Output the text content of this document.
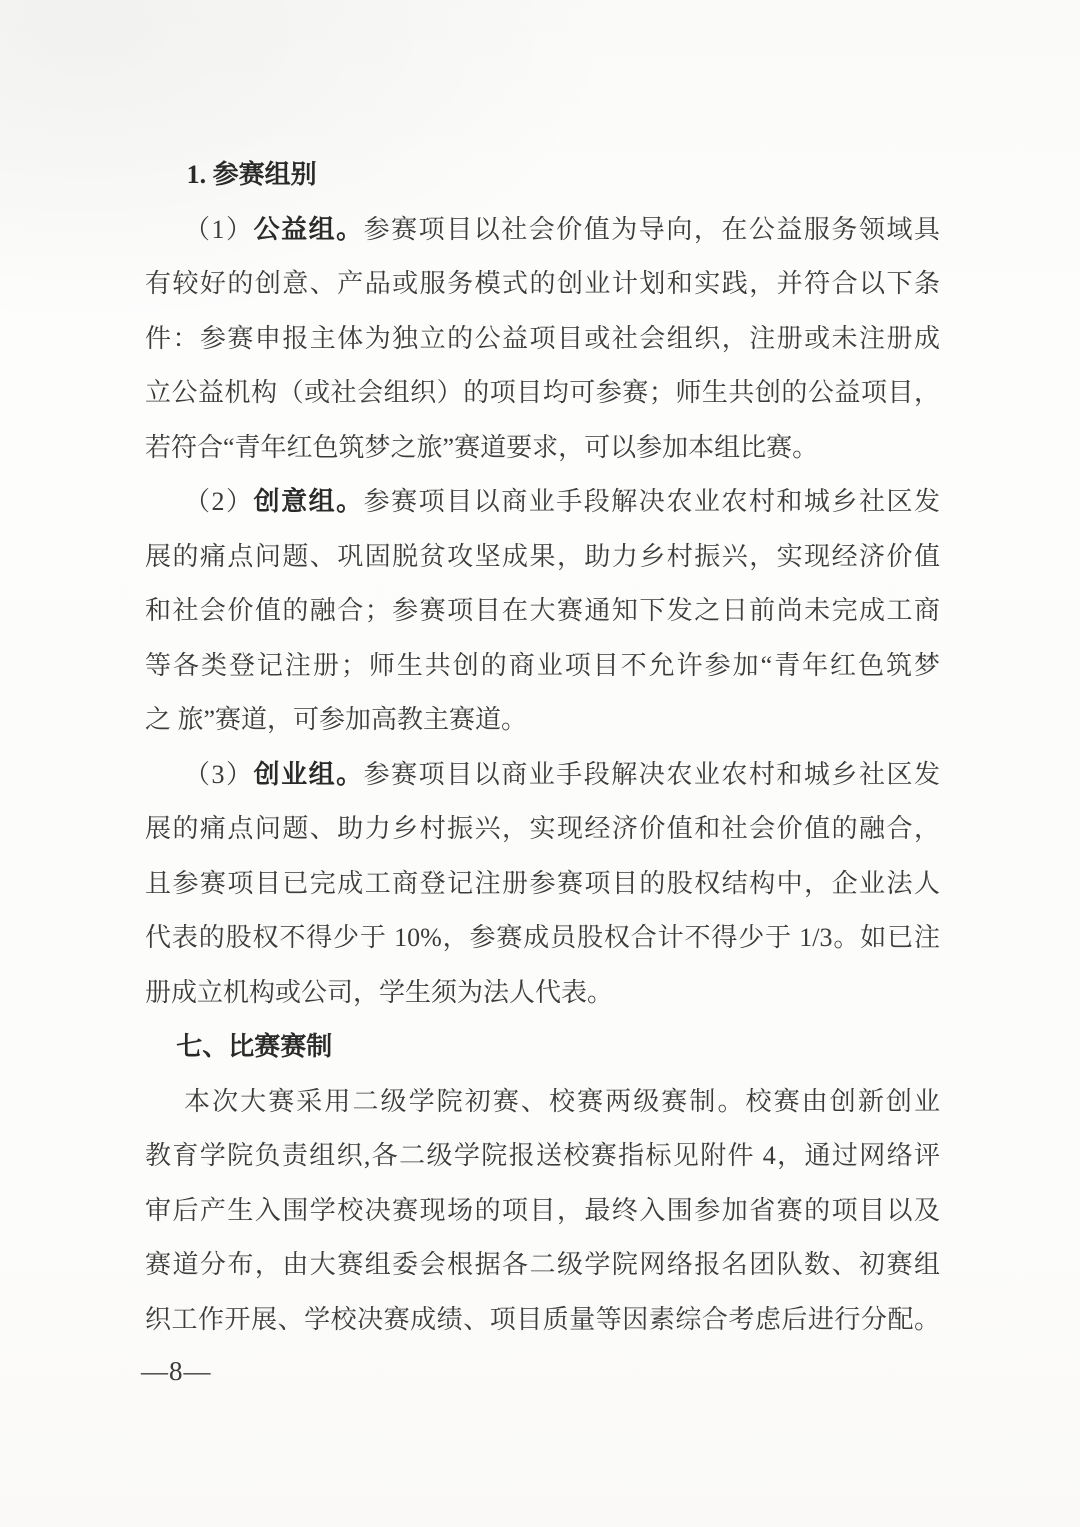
1. 参赛组别
（1）公益组。参赛项目以社会价值为导向，在公益服务领域具
有较好的创意、产品或服务模式的创业计划和实践，并符合以下条
件：参赛申报主体为独立的公益项目或社会组织，注册或未注册成
立公益机构（或社会组织）的项目均可参赛；师生共创的公益项目，
若符合“青年红色筑梦之旅”赛道要求，可以参加本组比赛。
（2）创意组。参赛项目以商业手段解决农业农村和城乡社区发
展的痛点问题、巩固脱贫攻坚成果，助力乡村振兴，实现经济价值
和社会价值的融合；参赛项目在大赛通知下发之日前尚未完成工商
等各类登记注册；师生共创的商业项目不允许参加“青年红色筑梦
之 旅”赛道，可参加高教主赛道。
（3）创业组。参赛项目以商业手段解决农业农村和城乡社区发
展的痛点问题、助力乡村振兴，实现经济价值和社会价值的融合，
且参赛项目已完成工商登记注册参赛项目的股权结构中，企业法人
代表的股权不得少于 10%，参赛成员股权合计不得少于 1/3。如已注
册成立机构或公司，学生须为法人代表。
七、比赛赛制
本次大赛采用二级学院初赛、校赛两级赛制。校赛由创新创业
教育学院负责组织,各二级学院报送校赛指标见附件 4，通过网络评
审后产生入围学校决赛现场的项目，最终入围参加省赛的项目以及
赛道分布，由大赛组委会根据各二级学院网络报名团队数、初赛组
织工作开展、学校决赛成绩、项目质量等因素综合考虑后进行分配。
—8—
